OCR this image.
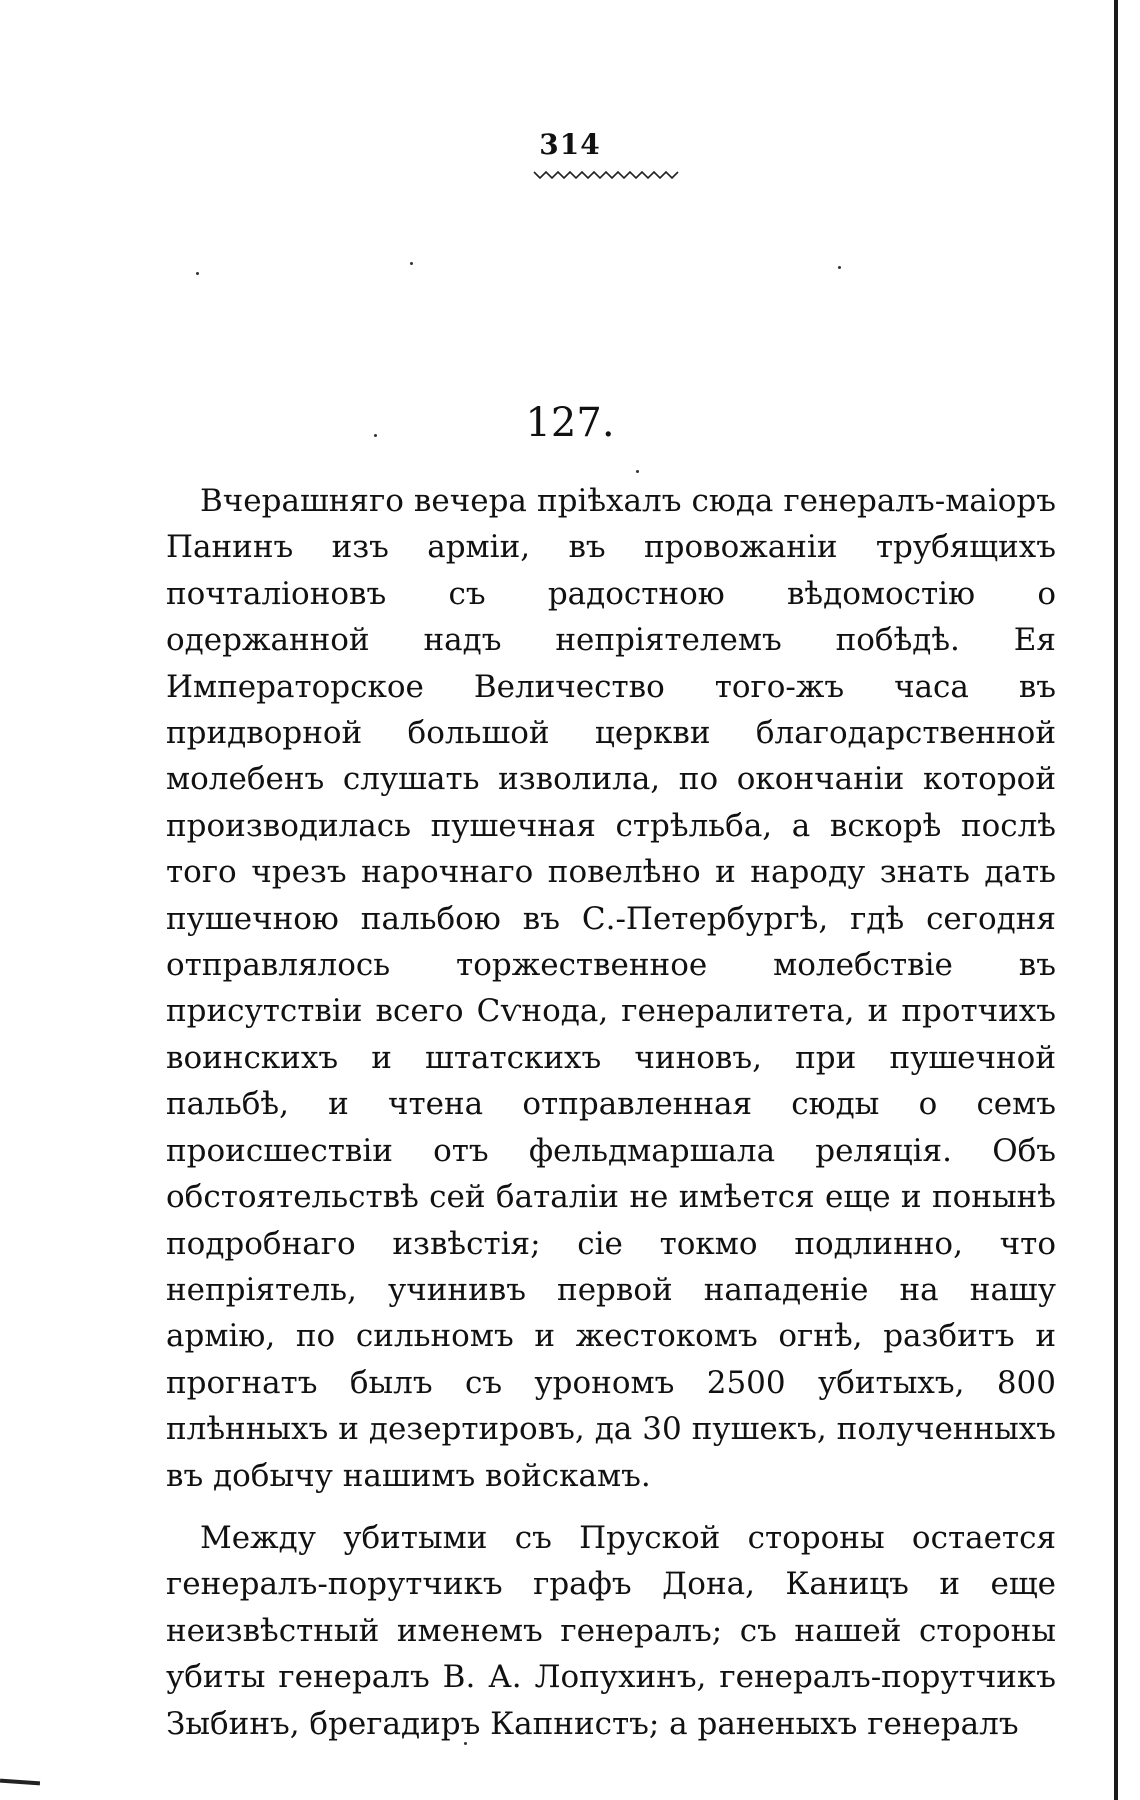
314
127.

Вчерашняго вечера пріѣхалъ сюда генералъ-маіоръ Панинъ изъ арміи, въ провожаніи трубящихъ почталіоновъ съ радостною вѣдомостію о одержанной надъ непріятелемъ побѣдѣ. Ея Императорское Величество того-жъ часа въ придворной большой церкви благодарственной молебенъ слушать изволила, по окончаніи которой производилась пушечная стрѣльба, а вскорѣ послѣ того чрезъ нарочнаго повелѣно и народу знать дать пушечною пальбою въ С.-Петербургѣ, гдѣ сегодня отправлялось торжественное молебствіе въ присутствіи всего Сѵнода, генералитета, и протчихъ воинскихъ и штатскихъ чиновъ, при пушечной пальбѣ, и чтена отправленная сюды о семъ происшествіи отъ фельдмаршала реляція. Объ обстоятельствѣ сей баталіи не имѣется еще и понынѣ подробнаго извѣстія; сіе токмо подлинно, что непріятель, учинивъ первой нападеніе на нашу армію, по сильномъ и жестокомъ огнѣ, разбитъ и прогнатъ былъ съ урономъ 2500 убитыхъ, 800 плѣнныхъ и дезертировъ, да 30 пушекъ, полученныхъ въ добычу нашимъ войскамъ.

Между убитыми съ Пруской стороны остается генералъ-порутчикъ графъ Дона, Каницъ и еще неизвѣстный именемъ генералъ; съ нашей стороны убиты генералъ В. А. Лопухинъ, генералъ-порутчикъ Зыбинъ, брегадиръ Капнистъ; а раненыхъ генералъ
